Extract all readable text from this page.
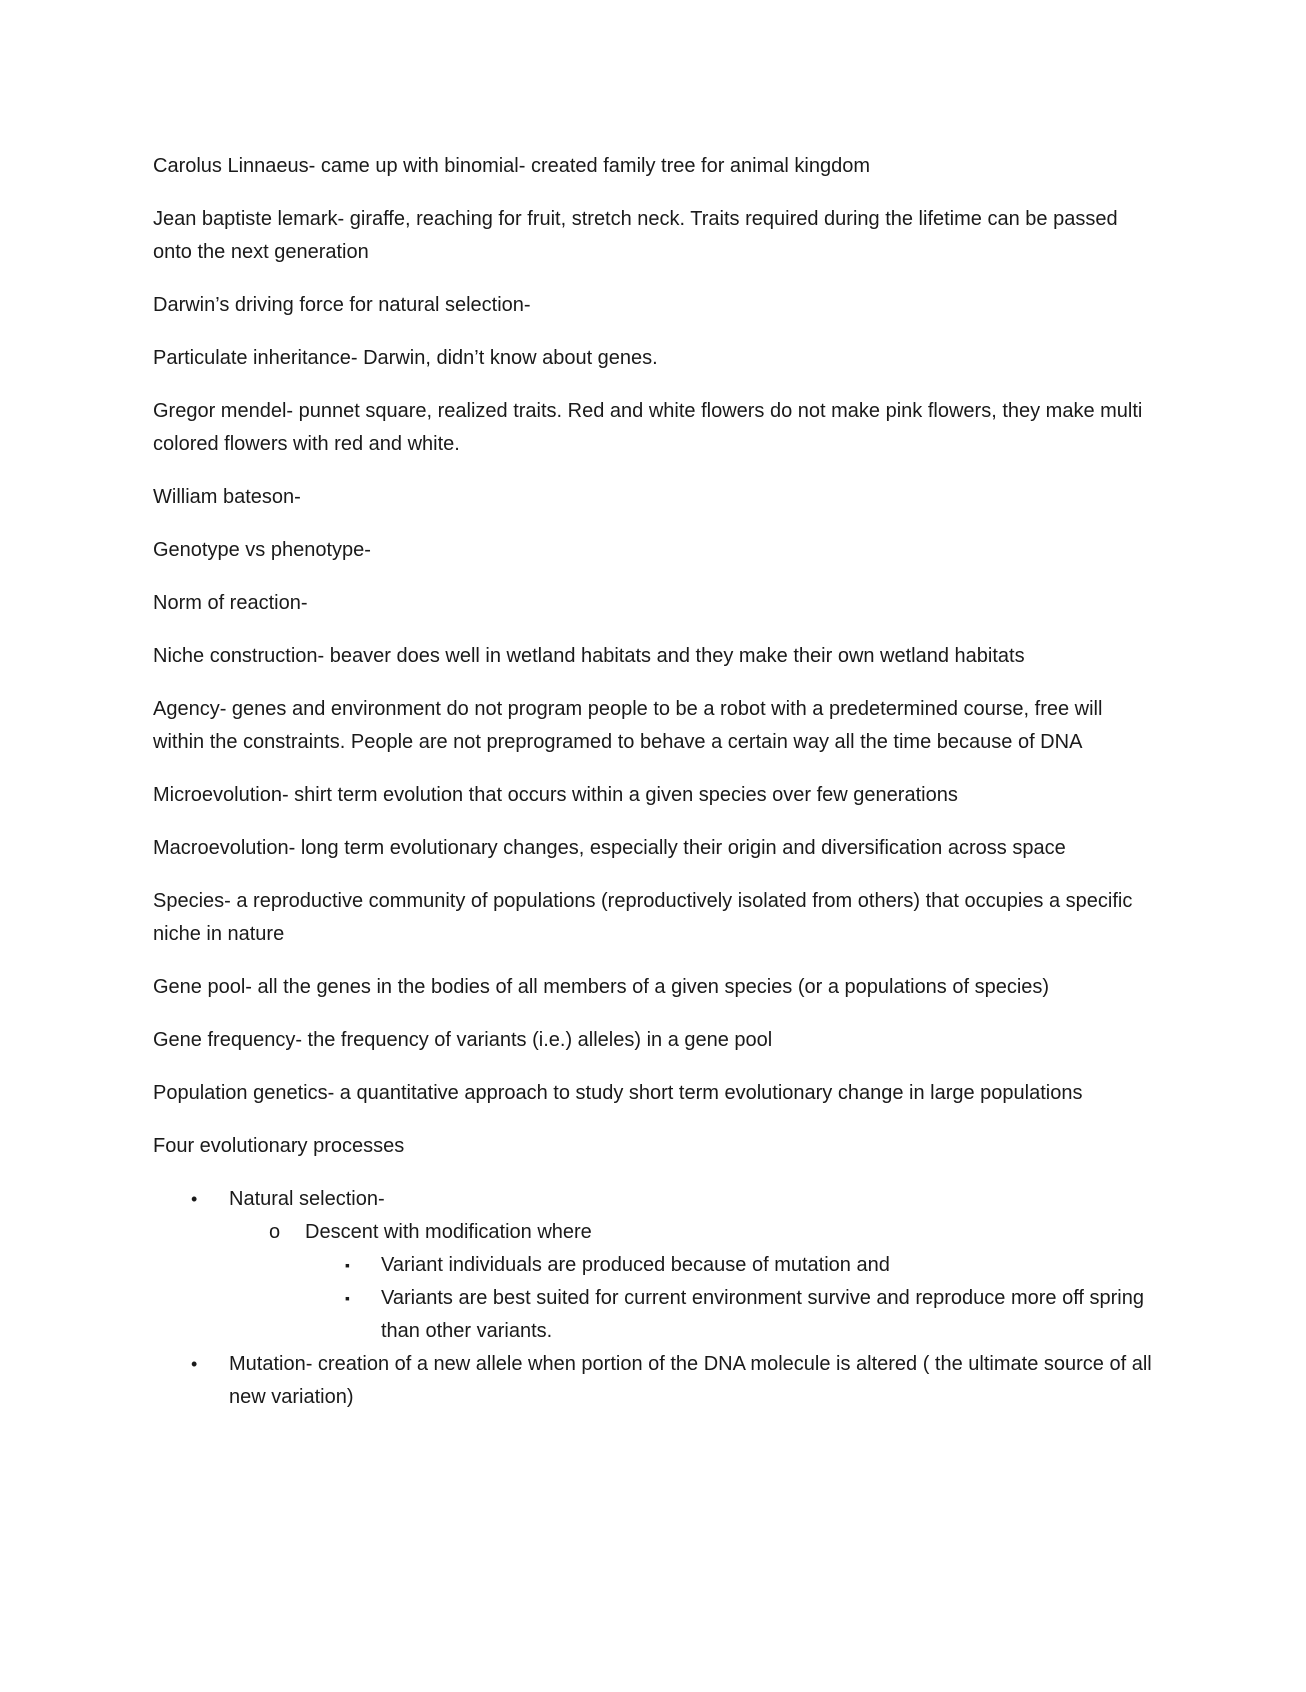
Carolus Linnaeus- came up with binomial- created family tree for animal kingdom

Jean baptiste lemark- giraffe, reaching for fruit, stretch neck. Traits required during the lifetime can be passed onto the next generation

Darwin’s driving force for natural selection-

Particulate inheritance- Darwin, didn’t know about genes.

Gregor mendel- punnet square, realized traits. Red and white flowers do not make pink flowers, they make multi colored flowers with red and white.

William bateson-

Genotype vs phenotype-

Norm of reaction-

Niche construction- beaver does well in wetland habitats and they make their own wetland habitats

Agency- genes and environment do not program people to be a robot with a predetermined course, free will within the constraints. People are not preprogramed to behave a certain way all the time because of DNA

Microevolution- shirt term evolution that occurs within a given species over few generations

Macroevolution- long term evolutionary changes, especially their origin and diversification across space

Species- a reproductive community of populations (reproductively isolated from others) that occupies a specific niche in nature

Gene pool- all the genes in the bodies of all members of a given species (or a populations of species)

Gene frequency- the frequency of variants (i.e.) alleles) in a gene pool

Population genetics- a quantitative approach to study short term evolutionary change in large populations

Four evolutionary processes

• Natural selection-
o Descent with modification where
▪ Variant individuals are produced because of mutation and
▪ Variants are best suited for current environment survive and reproduce more off spring than other variants.
• Mutation- creation of a new allele when portion of the DNA molecule is altered ( the ultimate source of all new variation)
